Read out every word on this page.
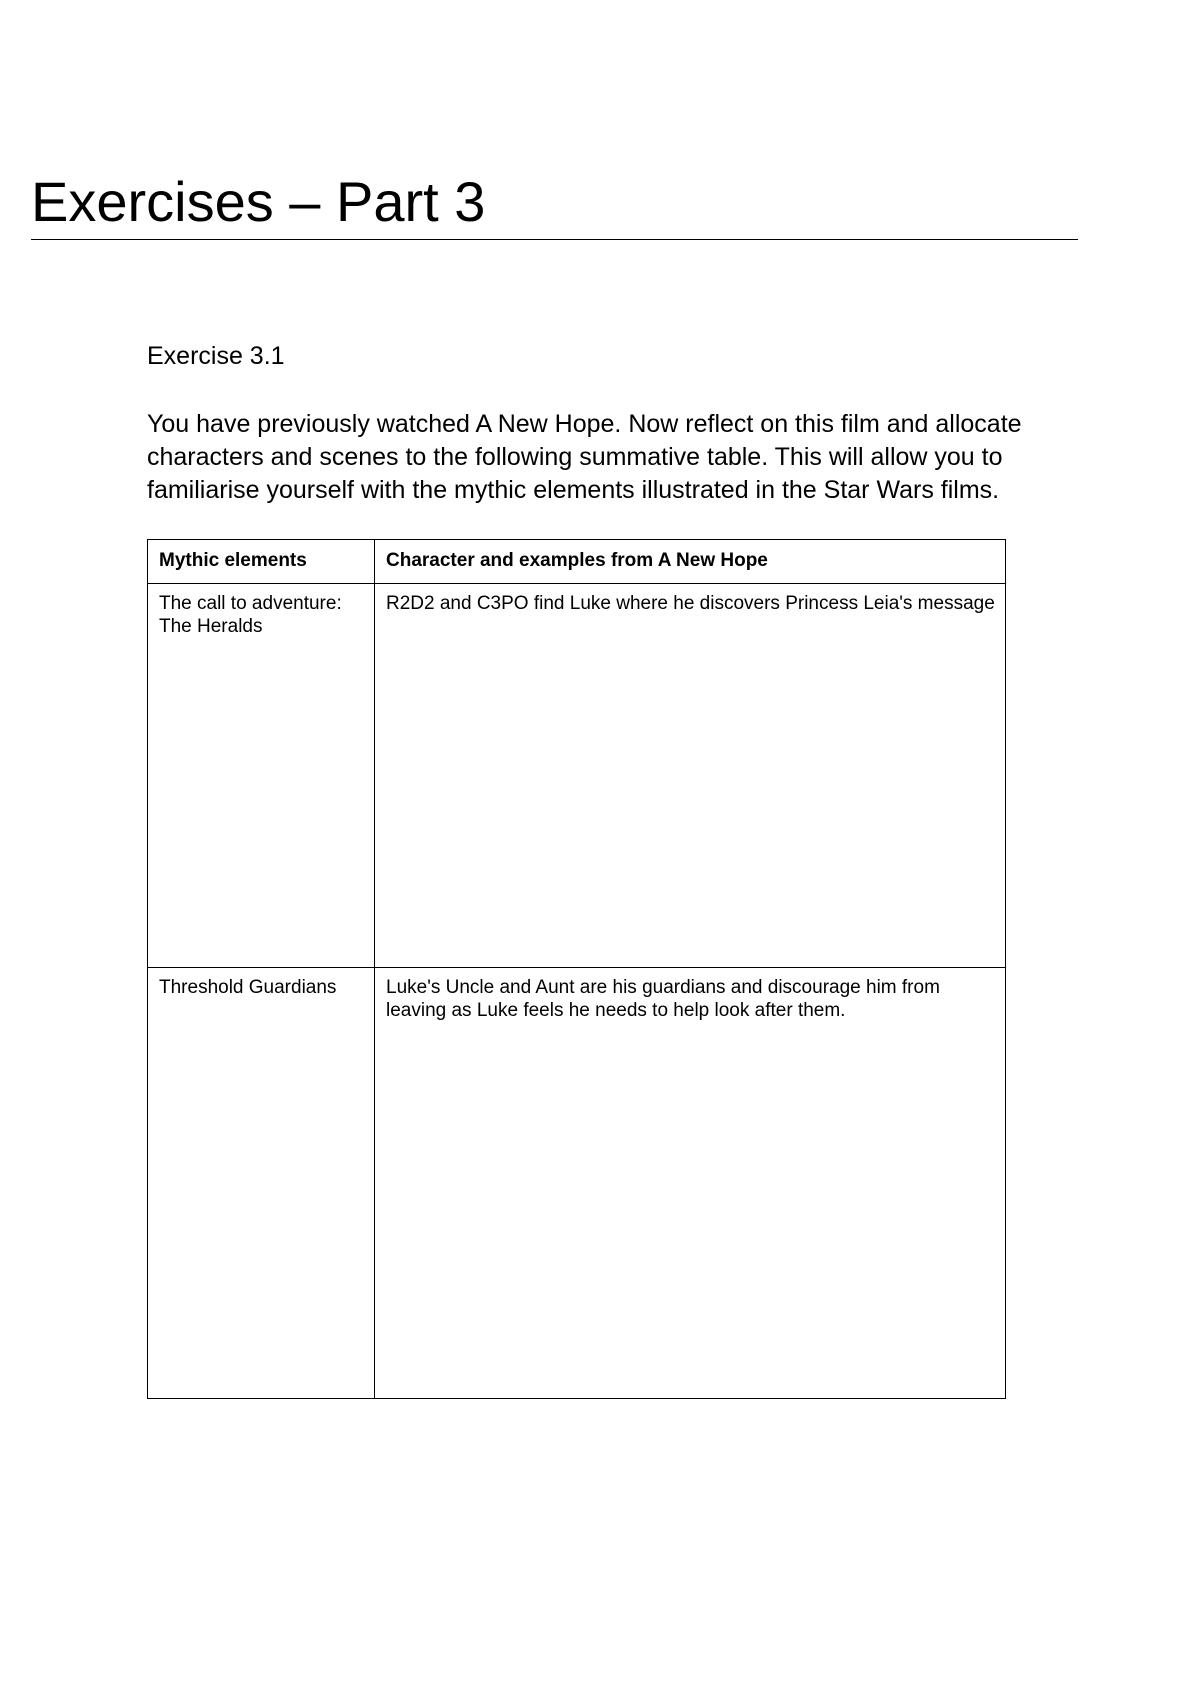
Exercises – Part 3

Exercise 3.1

You have previously watched A New Hope. Now reflect on this film and allocate characters and scenes to the following summative table. This will allow you to familiarise yourself with the mythic elements illustrated in the Star Wars films.

Mythic elements	Character and examples from A New Hope

The call to adventure:
The Heralds	R2D2 and C3PO find Luke where he discovers Princess Leia's message

Threshold Guardians	Luke's Uncle and Aunt are his guardians and discourage him from leaving as Luke feels he needs to help look after them.
